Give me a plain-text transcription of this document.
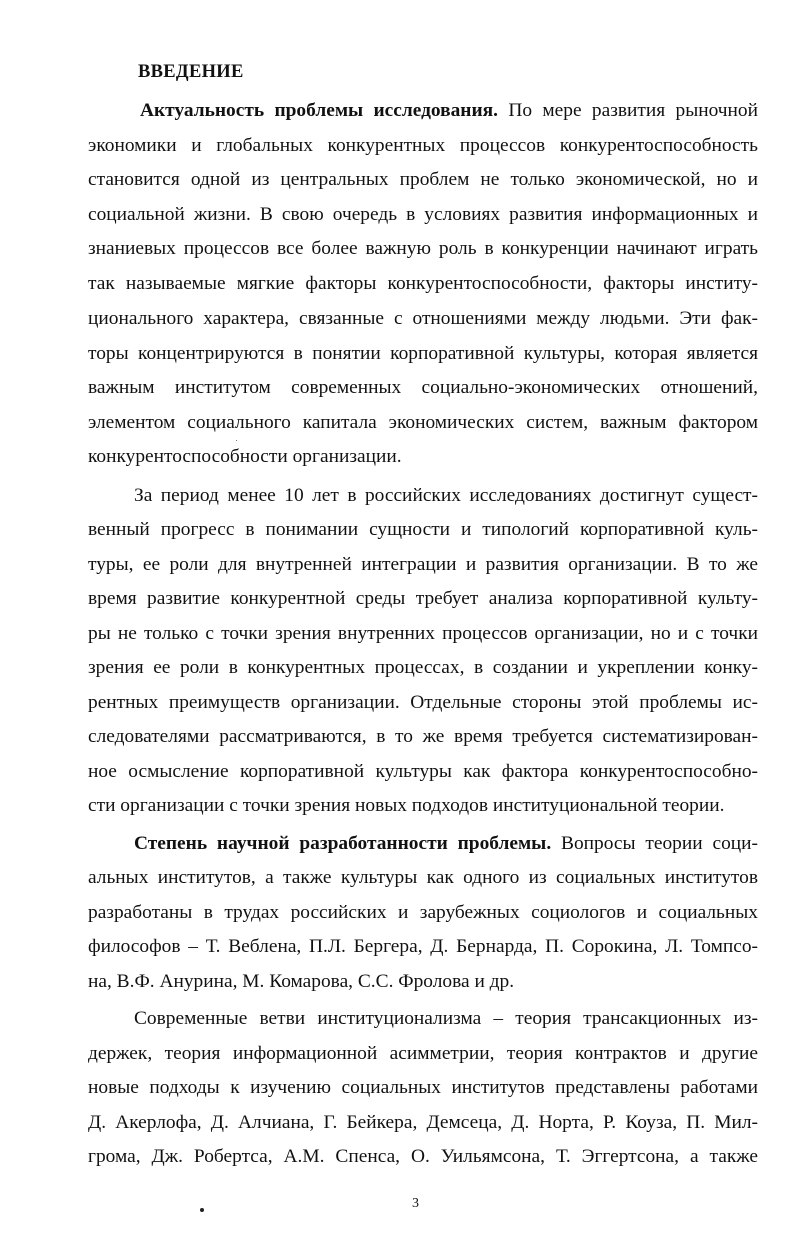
ВВЕДЕНИЕ
Актуальность проблемы исследования. По мере развития рыночной
экономики и глобальных конкурентных процессов конкурентоспособность
становится одной из центральных проблем не только экономической, но и
социальной жизни. В свою очередь в условиях развития информационных и
знаниевых процессов все более важную роль в конкуренции начинают играть
так называемые мягкие факторы конкурентоспособности, факторы институ-
ционального характера, связанные с отношениями между людьми. Эти фак-
торы концентрируются в понятии корпоративной культуры, которая является
важным институтом современных социально-экономических отношений,
элементом социального капитала экономических систем, важным фактором
конкурентоспособности организации.
За период менее 10 лет в российских исследованиях достигнут сущест-
венный прогресс в понимании сущности и типологий корпоративной куль-
туры, ее роли для внутренней интеграции и развития организации. В то же
время развитие конкурентной среды требует анализа корпоративной культу-
ры не только с точки зрения внутренних процессов организации, но и с точки
зрения ее роли в конкурентных процессах, в создании и укреплении конку-
рентных преимуществ организации. Отдельные стороны этой проблемы ис-
следователями рассматриваются, в то же время требуется систематизирован-
ное осмысление корпоративной культуры как фактора конкурентоспособно-
сти организации с точки зрения новых подходов институциональной теории.
Степень научной разработанности проблемы. Вопросы теории соци-
альных институтов, а также культуры как одного из социальных институтов
разработаны в трудах российских и зарубежных социологов и социальных
философов – Т. Веблена, П.Л. Бергера, Д. Бернарда, П. Сорокина, Л. Томпсо-
на, В.Ф. Анурина, М. Комарова, С.С. Фролова и др.
Современные ветви институционализма – теория трансакционных из-
держек, теория информационной асимметрии, теория контрактов и другие
новые подходы к изучению социальных институтов представлены работами
Д. Акерлофа, Д. Алчиана, Г. Бейкера, Демсеца, Д. Норта, Р. Коуза, П. Мил-
грома, Дж. Робертса, А.М. Спенса, О. Уильямсона, Т. Эггертсона, а также
3
